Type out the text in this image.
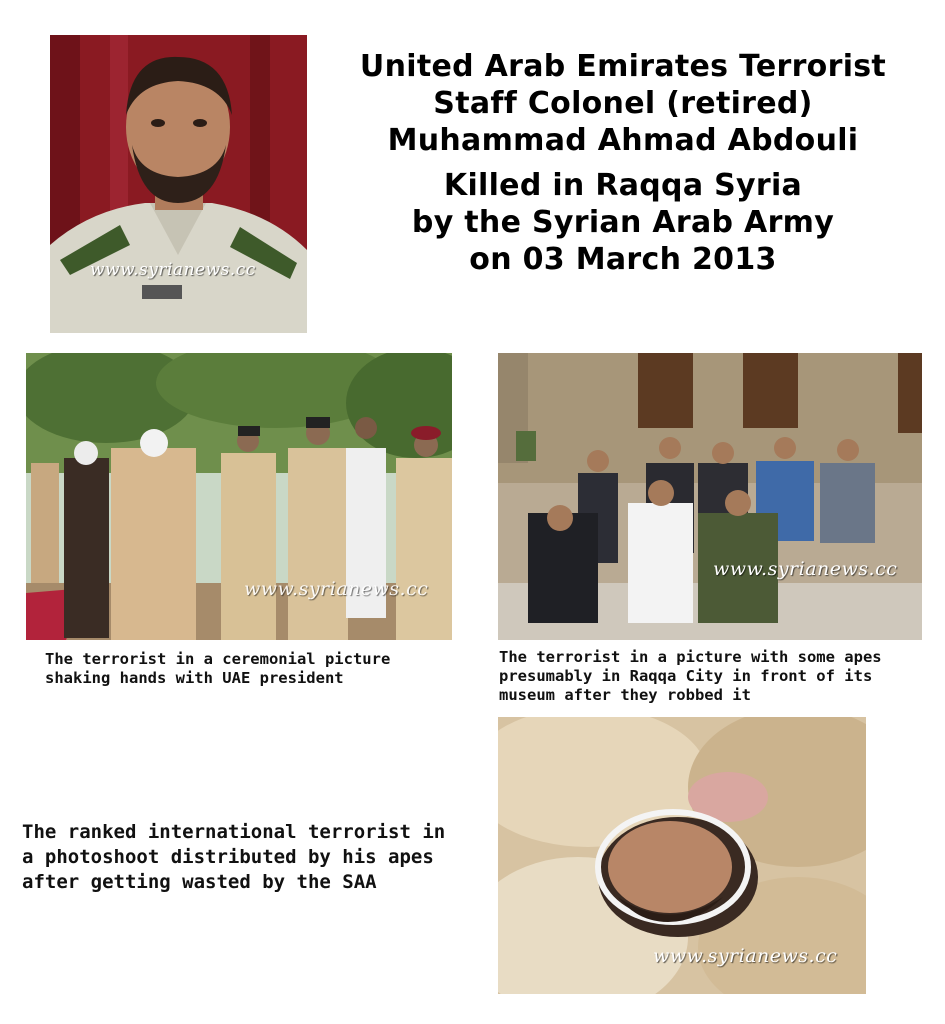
www.syrianews.cc
United Arab Emirates Terrorist
Staff Colonel (retired)
Muhammad Ahmad Abdouli
Killed in Raqqa Syria
by the Syrian Arab Army
on 03 March 2013
www.syrianews.cc
www.syrianews.cc
The terrorist in a ceremonial picture
shaking hands with UAE president
The terrorist in a picture with some apes
presumably in Raqqa City in front of its
museum after they robbed it
www.syrianews.cc
The ranked international terrorist in
a photoshoot distributed by his apes
after getting wasted by the SAA
